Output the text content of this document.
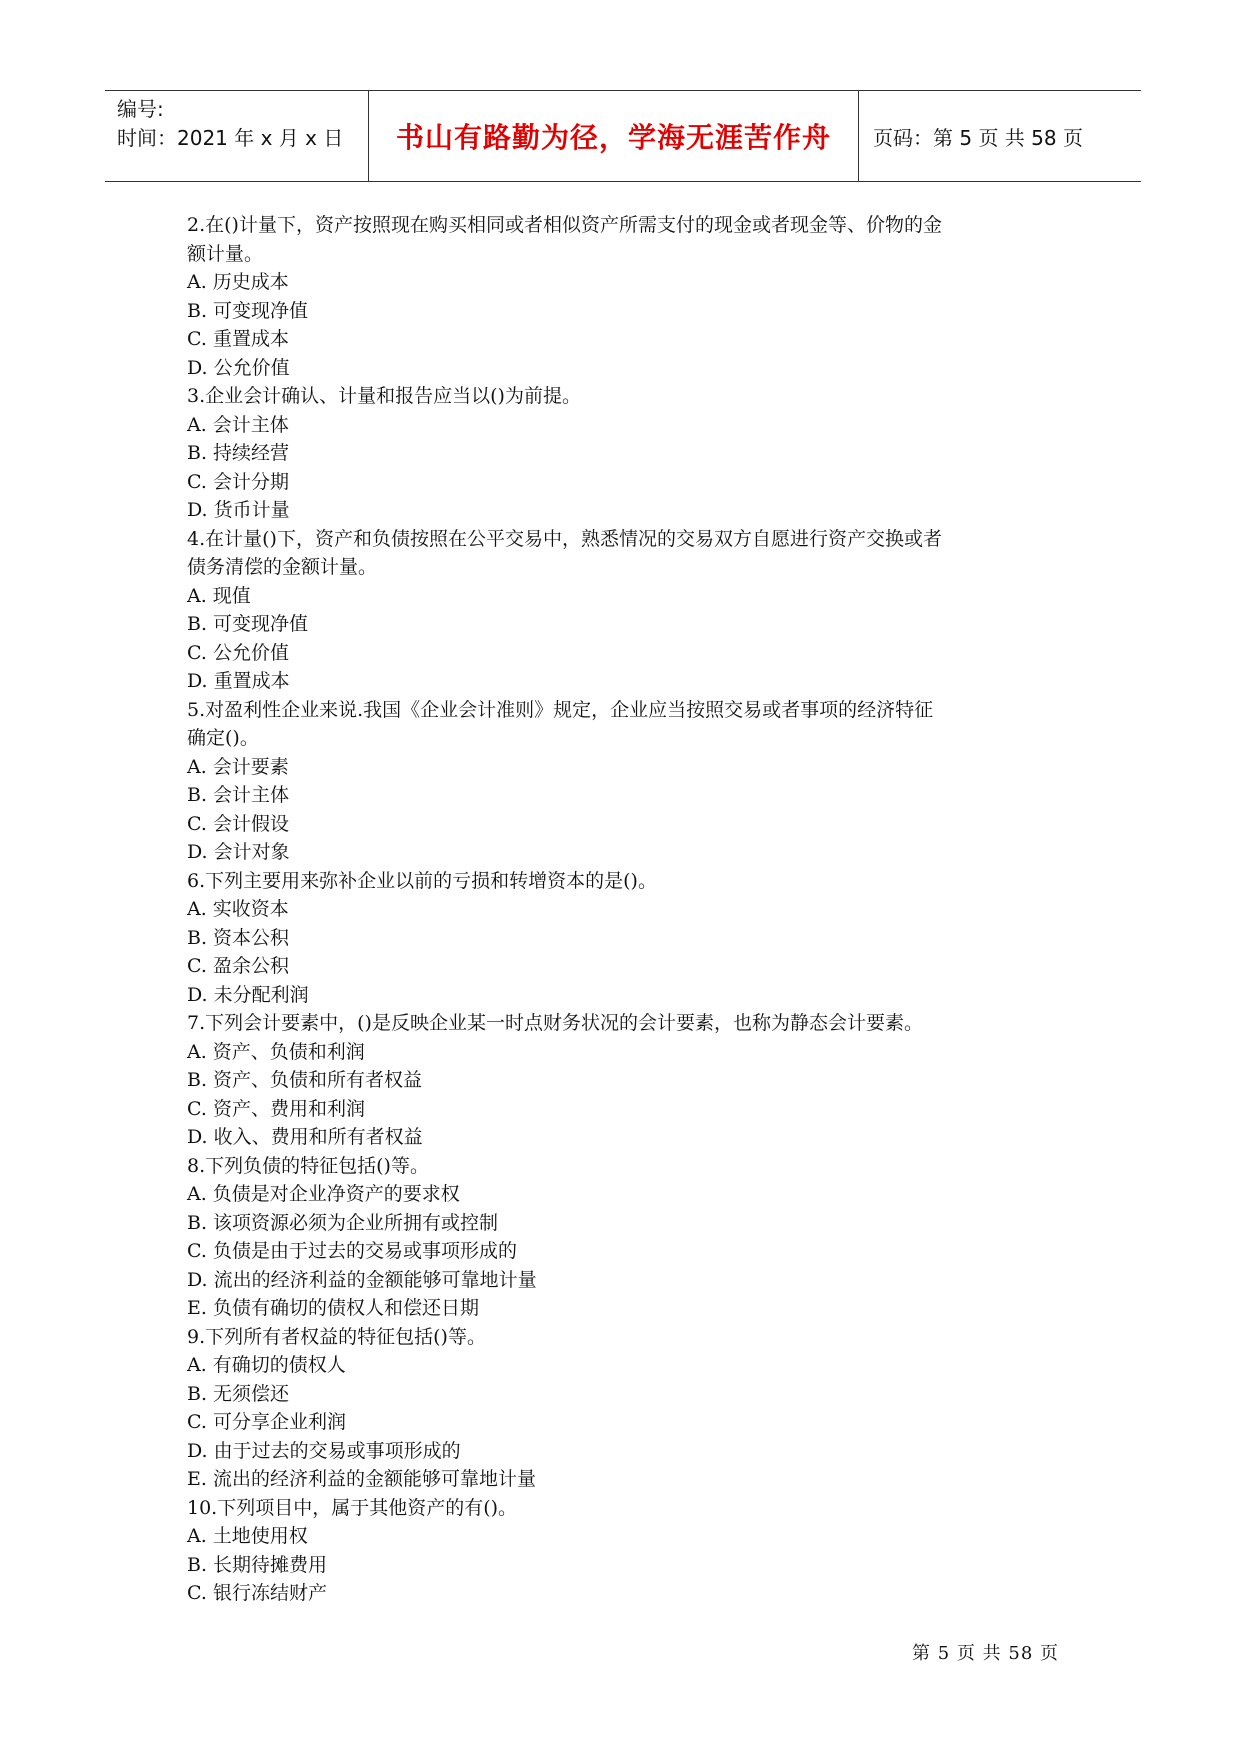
编号:
时间：2021 年 x 月 x 日	书山有路勤为径，学海无涯苦作舟	页码：第 5 页 共 58 页
2.在()计量下，资产按照现在购买相同或者相似资产所需支付的现金或者现金等、价物的金
额计量。
A. 历史成本
B. 可变现净值
C. 重置成本
D. 公允价值
3.企业会计确认、计量和报告应当以()为前提。
A. 会计主体
B. 持续经营
C. 会计分期
D. 货币计量
4.在计量()下，资产和负债按照在公平交易中，熟悉情况的交易双方自愿进行资产交换或者
债务清偿的金额计量。
A. 现值
B. 可变现净值
C. 公允价值
D. 重置成本
5.对盈利性企业来说.我国《企业会计准则》规定，企业应当按照交易或者事项的经济特征
确定()。
A. 会计要素
B. 会计主体
C. 会计假设
D. 会计对象
6.下列主要用来弥补企业以前的亏损和转增资本的是()。
A. 实收资本
B. 资本公积
C. 盈余公积
D. 未分配利润
7.下列会计要素中，()是反映企业某一时点财务状况的会计要素，也称为静态会计要素。
A. 资产、负债和利润
B. 资产、负债和所有者权益
C. 资产、费用和利润
D. 收入、费用和所有者权益
8.下列负债的特征包括()等。
A. 负债是对企业净资产的要求权
B. 该项资源必须为企业所拥有或控制
C. 负债是由于过去的交易或事项形成的
D. 流出的经济利益的金额能够可靠地计量
E. 负债有确切的债权人和偿还日期
9.下列所有者权益的特征包括()等。
A. 有确切的债权人
B. 无须偿还
C. 可分享企业利润
D. 由于过去的交易或事项形成的
E. 流出的经济利益的金额能够可靠地计量
10.下列项目中，属于其他资产的有()。
A. 土地使用权
B. 长期待摊费用
C. 银行冻结财产
第 5 页 共 58 页
